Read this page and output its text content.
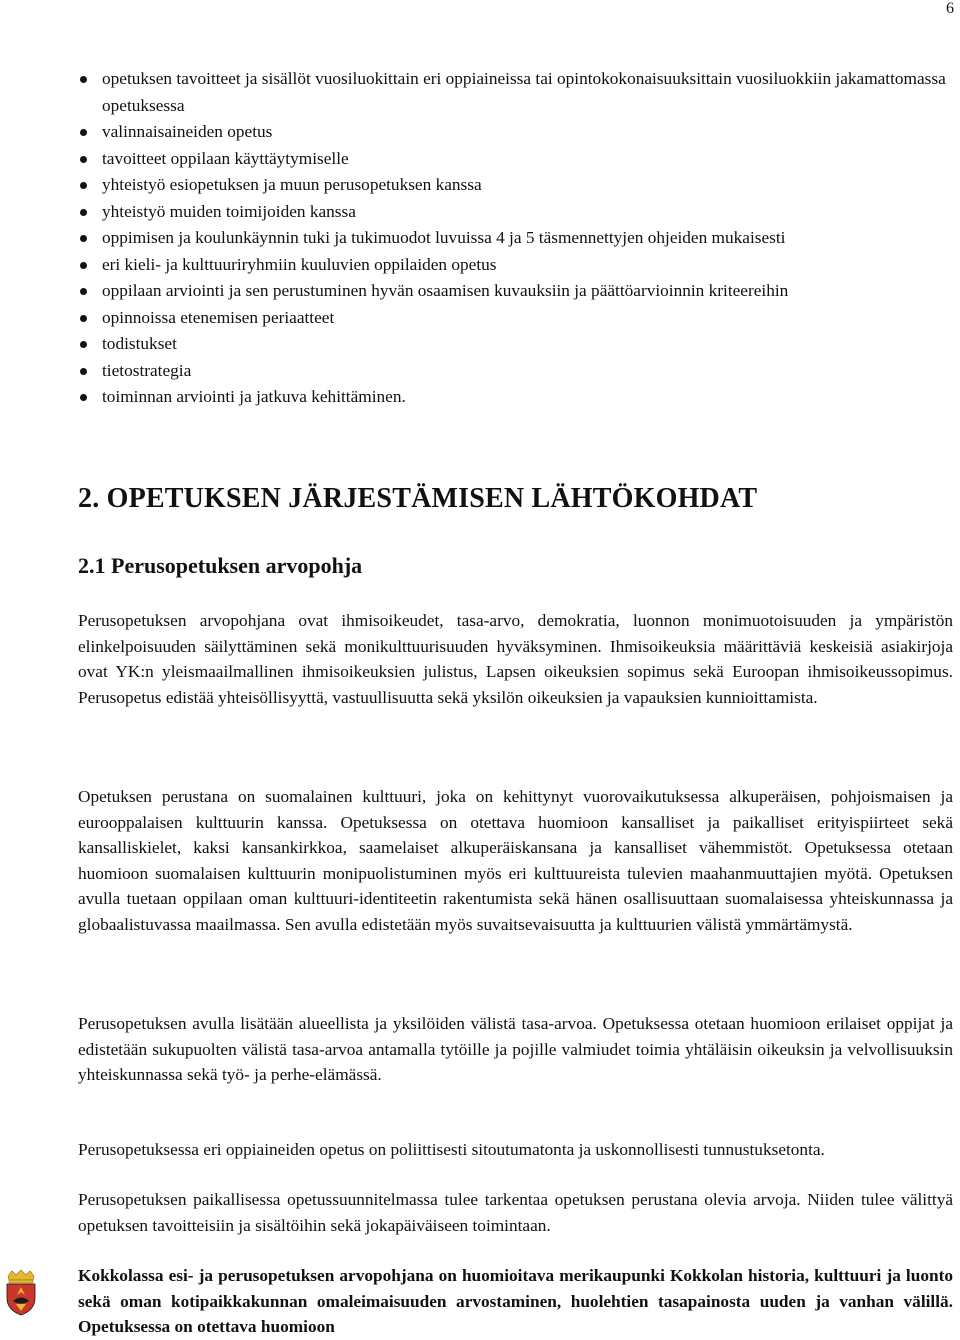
6
opetuksen tavoitteet ja sisällöt vuosiluokittain eri oppiaineissa tai opintokokonaisuuksittain vuosiluokkiin jakamattomassa opetuksessa
valinnaisaineiden opetus
tavoitteet oppilaan käyttäytymiselle
yhteistyö esiopetuksen ja muun perusopetuksen kanssa
yhteistyö muiden toimijoiden kanssa
oppimisen ja koulunkäynnin tuki ja tukimuodot luvuissa 4 ja 5 täsmennettyjen ohjeiden mukaisesti
eri kieli- ja kulttuuriryhmiin kuuluvien oppilaiden opetus
oppilaan arviointi ja sen perustuminen hyvän osaamisen kuvauksiin ja päättöarvioinnin kriteereihin
opinnoissa etenemisen periaatteet
todistukset
tietostrategia
toiminnan arviointi ja jatkuva kehittäminen.
2. OPETUKSEN JÄRJESTÄMISEN LÄHTÖKOHDAT
2.1 Perusopetuksen arvopohja

Perusopetuksen arvopohjana ovat ihmisoikeudet, tasa-arvo, demokratia, luonnon monimuotoisuuden ja ympäristön elinkelpoisuuden säilyttäminen sekä monikulttuurisuuden hyväksyminen. Ihmisoikeuksia määrittäviä keskeisiä asiakirjoja ovat YK:n yleismaailmallinen ihmisoikeuksien julistus, Lapsen oikeuksien sopimus sekä Euroopan ihmisoikeussopimus. Perusopetus edistää yhteisöllisyyttä, vastuullisuutta sekä yksilön oikeuksien ja vapauksien kunnioittamista.

Opetuksen perustana on suomalainen kulttuuri, joka on kehittynyt vuorovaikutuksessa alkuperäisen, pohjoismaisen ja eurooppalaisen kulttuurin kanssa. Opetuksessa on otettava huomioon kansalliset ja paikalliset erityispiirteet sekä kansalliskielet, kaksi kansankirkkoa, saamelaiset alkuperäiskansana ja kansalliset vähemmistöt. Opetuksessa otetaan huomioon suomalaisen kulttuurin monipuolistuminen myös eri kulttuureista tulevien maahanmuuttajien myötä. Opetuksen avulla tuetaan oppilaan oman kulttuuri-identiteetin rakentumista sekä hänen osallisuuttaan suomalaisessa yhteiskunnassa ja globaalistuvassa maailmassa. Sen avulla edistetään myös suvaitsevaisuutta ja kulttuurien välistä ymmärtämystä.

Perusopetuksen avulla lisätään alueellista ja yksilöiden välistä tasa-arvoa. Opetuksessa otetaan huomioon erilaiset oppijat ja edistetään sukupuolten välistä tasa-arvoa antamalla tytöille ja pojille valmiudet toimia yhtäläisin oikeuksin ja velvollisuuksin yhteiskunnassa sekä työ- ja perhe-elämässä.

Perusopetuksessa eri oppiaineiden opetus on poliittisesti sitoutumatonta ja uskonnollisesti tunnustuksetonta.

Perusopetuksen paikallisessa opetussuunnitelmassa tulee tarkentaa opetuksen perustana olevia arvoja. Niiden tulee välittyä opetuksen tavoitteisiin ja sisältöihin sekä jokapäiväiseen toimintaan.

Kokkolassa esi- ja perusopetuksen arvopohjana on huomioitava merikaupunki Kokkolan historia, kulttuuri ja luonto sekä oman kotipaikkakunnan omaleimaisuuden arvostaminen, huolehtien tasapainosta uuden ja vanhan välillä. Opetuksessa on otettava huomioon
